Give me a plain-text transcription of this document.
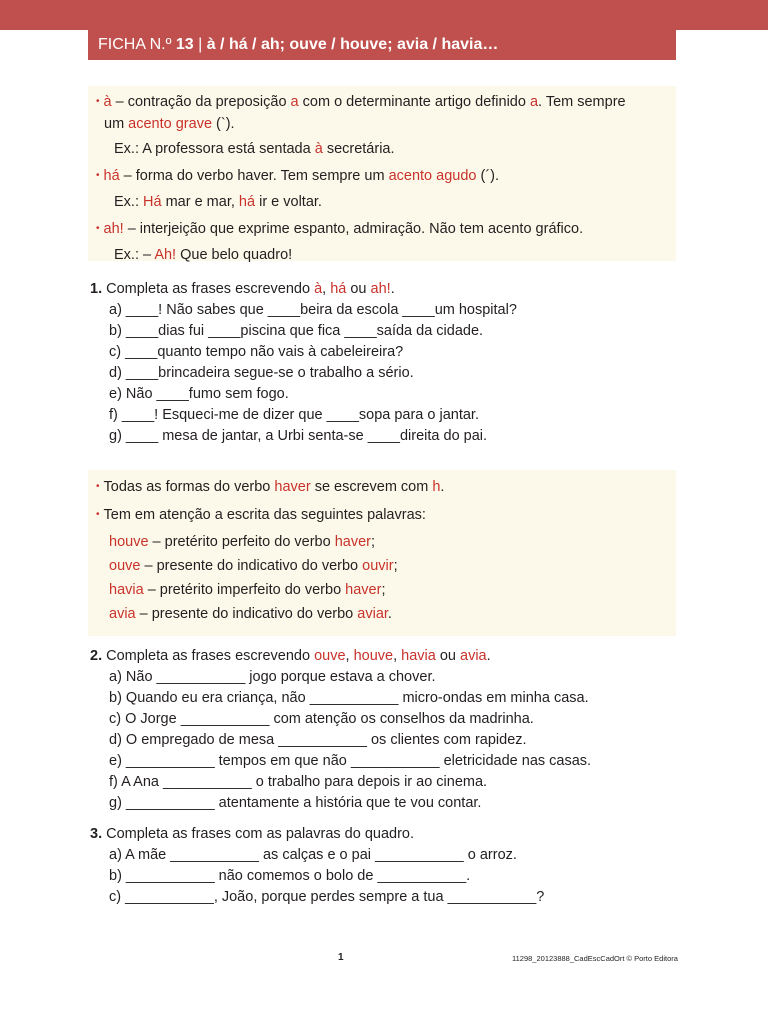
FICHA N.º 13 | à / há / ah; ouve / houve; avia / havia…

• à – contração da preposição a com o determinante artigo definido a. Tem sempre

um acento grave (`).

Ex.: A professora está sentada à secretária.

• há – forma do verbo haver. Tem sempre um acento agudo (´).

Ex.: Há mar e mar, há ir e voltar.

• ah! – interjeição que exprime espanto, admiração. Não tem acento gráfico.

Ex.: – Ah! Que belo quadro!

1. Completa as frases escrevendo à, há ou ah!.

a) ____! Não sabes que ____beira da escola ____um hospital?

b) ____dias fui ____piscina que fica ____saída da cidade.

c) ____quanto tempo não vais à cabeleireira?

d) ____brincadeira segue-se o trabalho a sério.

e) Não ____fumo sem fogo.

f) ____! Esqueci-me de dizer que ____sopa para o jantar.

g) ____ mesa de jantar, a Urbi senta-se ____direita do pai.

• Todas as formas do verbo haver se escrevem com h.

• Tem em atenção a escrita das seguintes palavras:

houve – pretérito perfeito do verbo haver;

ouve – presente do indicativo do verbo ouvir;

havia – pretérito imperfeito do verbo haver;

avia – presente do indicativo do verbo aviar.

2. Completa as frases escrevendo ouve, houve, havia ou avia.

a) Não ___________ jogo porque estava a chover.

b) Quando eu era criança, não ___________ micro-ondas em minha casa.

c) O Jorge ___________ com atenção os conselhos da madrinha.

d) O empregado de mesa ___________ os clientes com rapidez.

e) ___________ tempos em que não ___________ eletricidade nas casas.

f) A Ana ___________ o trabalho para depois ir ao cinema.

g) ___________ atentamente a história que te vou contar.

3. Completa as frases com as palavras do quadro.

a) A mãe ___________ as calças e o pai ___________ o arroz.

b) ___________ não comemos o bolo de ___________.

c) ___________, João, porque perdes sempre a tua ___________?

1	11298_20123888_CadEscCadOrt © Porto Editora
